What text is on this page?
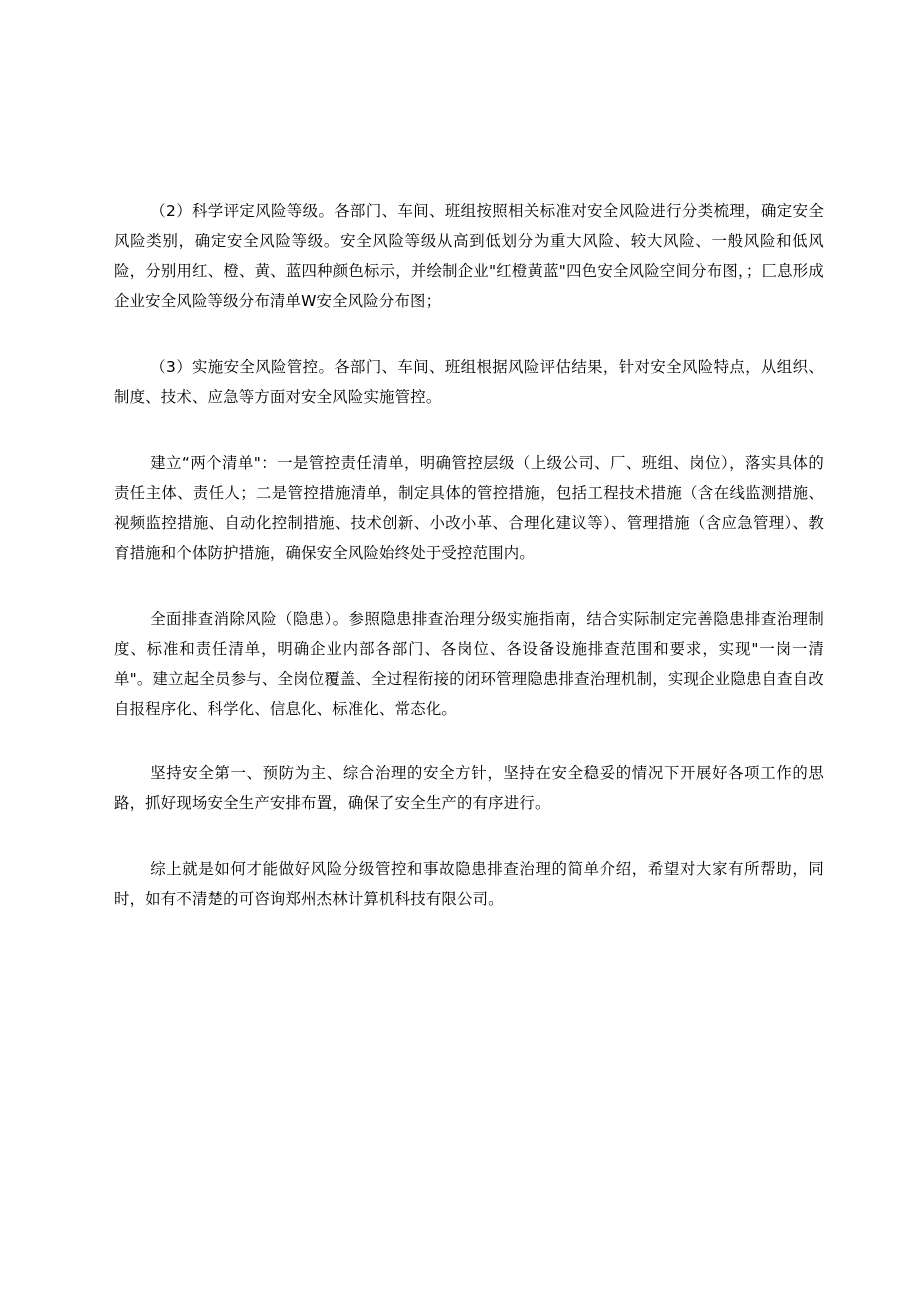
（2）科学评定风险等级。各部门、车间、班组按照相关标准对安全风险进行分类梳理，确定安全风险类别，确定安全风险等级。安全风险等级从高到低划分为重大风险、较大风险、一般风险和低风险，分别用红、橙、黄、蓝四种颜色标示，并绘制企业"红橙黄蓝"四色安全风险空间分布图，；匚息形成企业安全风险等级分布清单W安全风险分布图；

（3）实施安全风险管控。各部门、车间、班组根据风险评估结果，针对安全风险特点，从组织、制度、技术、应急等方面对安全风险实施管控。

建立“两个清单"：一是管控责任清单，明确管控层级（上级公司、厂、班组、岗位），落实具体的责任主体、责任人；二是管控措施清单，制定具体的管控措施，包括工程技术措施（含在线监测措施、视频监控措施、自动化控制措施、技术创新、小改小革、合理化建议等）、管理措施（含应急管理）、教育措施和个体防护措施，确保安全风险始终处于受控范围内。

全面排查消除风险（隐患）。参照隐患排查治理分级实施指南，结合实际制定完善隐患排查治理制度、标准和责任清单，明确企业内部各部门、各岗位、各设备设施排查范围和要求，实现"一岗一清单"。建立起全员参与、全岗位覆盖、全过程衔接的闭环管理隐患排查治理机制，实现企业隐患自查自改自报程序化、科学化、信息化、标准化、常态化。

坚持安全第一、预防为主、综合治理的安全方针，坚持在安全稳妥的情况下开展好各项工作的思路，抓好现场安全生产安排布置，确保了安全生产的有序进行。

综上就是如何才能做好风险分级管控和事故隐患排查治理的简单介绍，希望对大家有所帮助，同时，如有不清楚的可咨询郑州杰林计算机科技有限公司。
